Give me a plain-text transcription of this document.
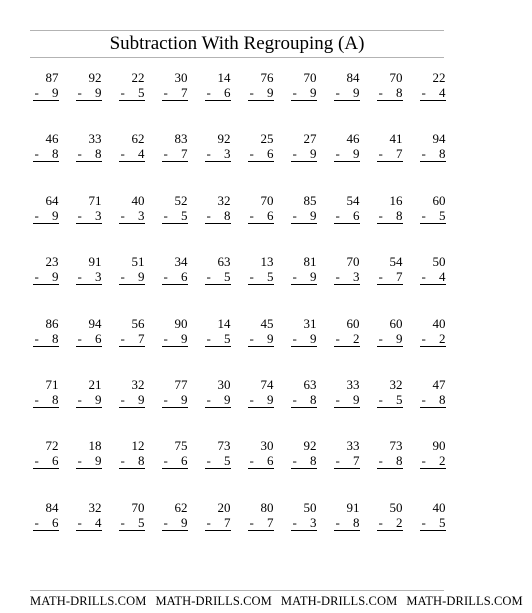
Subtraction With Regrouping (A)
87
- 9
92
- 9
22
- 5
30
- 7
14
- 6
76
- 9
70
- 9
84
- 9
70
- 8
22
- 4
46
- 8
33
- 8
62
- 4
83
- 7
92
- 3
25
- 6
27
- 9
46
- 9
41
- 7
94
- 8
64
- 9
71
- 3
40
- 3
52
- 5
32
- 8
70
- 6
85
- 9
54
- 6
16
- 8
60
- 5
23
- 9
91
- 3
51
- 9
34
- 6
63
- 5
13
- 5
81
- 9
70
- 3
54
- 7
50
- 4
86
- 8
94
- 6
56
- 7
90
- 9
14
- 5
45
- 9
31
- 9
60
- 2
60
- 9
40
- 2
71
- 8
21
- 9
32
- 9
77
- 9
30
- 9
74
- 9
63
- 8
33
- 9
32
- 5
47
- 8
72
- 6
18
- 9
12
- 8
75
- 6
73
- 5
30
- 6
92
- 8
33
- 7
73
- 8
90
- 2
84
- 6
32
- 4
70
- 5
62
- 9
20
- 7
80
- 7
50
- 3
91
- 8
50
- 2
40
- 5
MATH-DRILLS.COM MATH-DRILLS.COM MATH-DRILLS.COM MATH-DRILLS.COM
